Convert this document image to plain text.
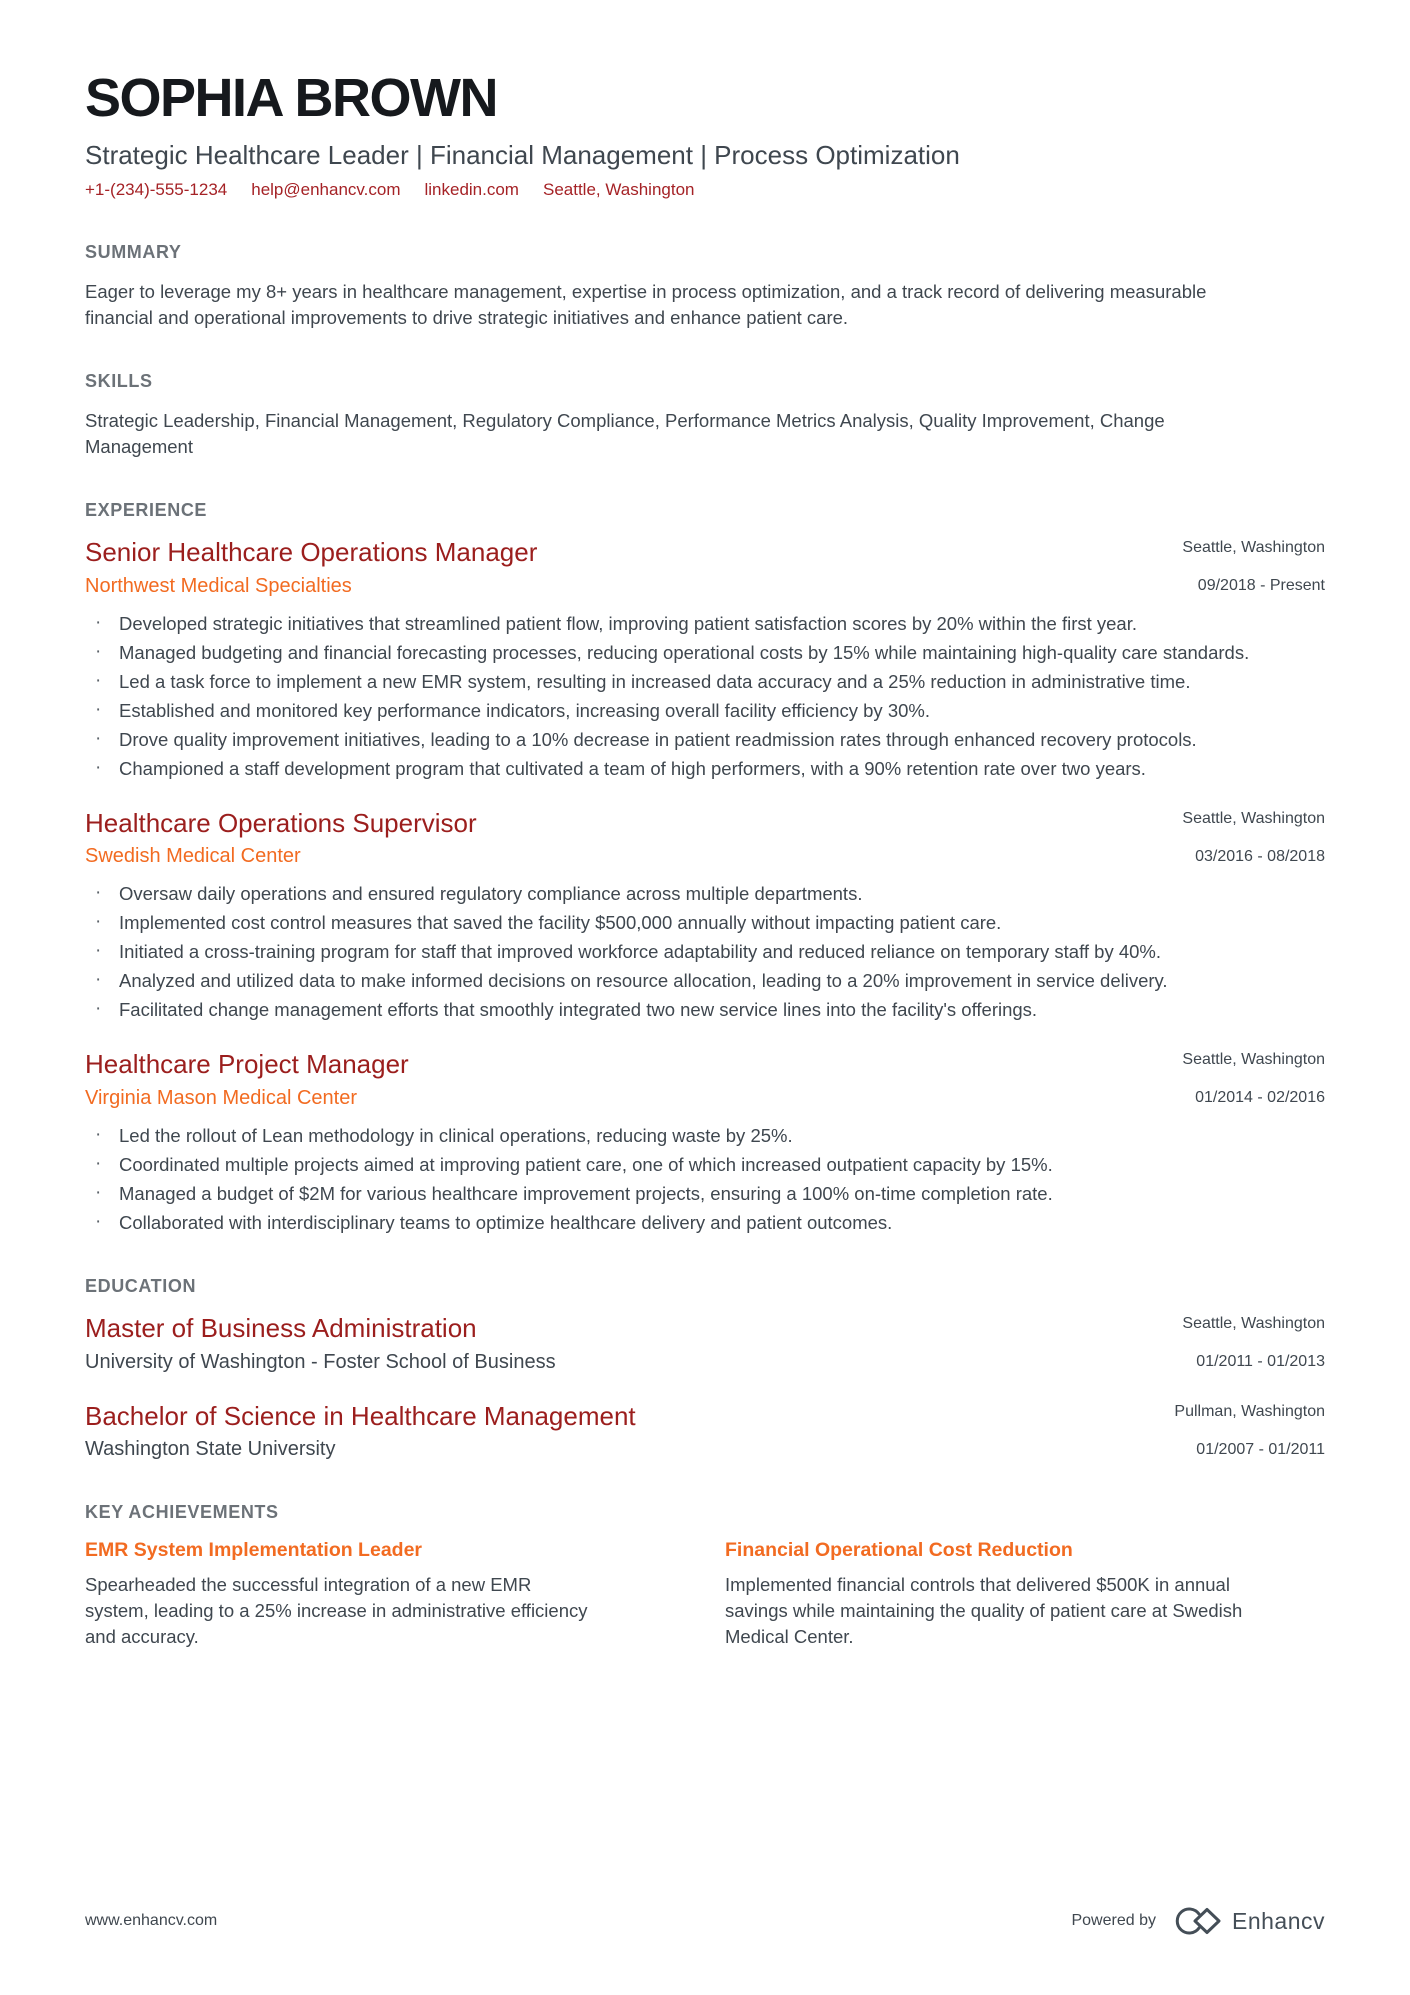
SOPHIA BROWN
Strategic Healthcare Leader | Financial Management | Process Optimization
+1-(234)-555-1234 help@enhancv.com linkedin.com Seattle, Washington
SUMMARY

Eager to leverage my 8+ years in healthcare management, expertise in process optimization, and a track record of delivering measurable financial and operational improvements to drive strategic initiatives and enhance patient care.

SKILLS

Strategic Leadership, Financial Management, Regulatory Compliance, Performance Metrics Analysis, Quality Improvement, Change Management

EXPERIENCE
Senior Healthcare Operations Manager
Northwest Medical Specialties
Seattle, Washington
09/2018 - Present
· Developed strategic initiatives that streamlined patient flow, improving patient satisfaction scores by 20% within the first year.
· Managed budgeting and financial forecasting processes, reducing operational costs by 15% while maintaining high-quality care standards.
· Led a task force to implement a new EMR system, resulting in increased data accuracy and a 25% reduction in administrative time.
· Established and monitored key performance indicators, increasing overall facility efficiency by 30%.
· Drove quality improvement initiatives, leading to a 10% decrease in patient readmission rates through enhanced recovery protocols.
· Championed a staff development program that cultivated a team of high performers, with a 90% retention rate over two years.
Healthcare Operations Supervisor
Swedish Medical Center
Seattle, Washington
03/2016 - 08/2018
· Oversaw daily operations and ensured regulatory compliance across multiple departments.
· Implemented cost control measures that saved the facility $500,000 annually without impacting patient care.
· Initiated a cross-training program for staff that improved workforce adaptability and reduced reliance on temporary staff by 40%.
· Analyzed and utilized data to make informed decisions on resource allocation, leading to a 20% improvement in service delivery.
· Facilitated change management efforts that smoothly integrated two new service lines into the facility's offerings.
Healthcare Project Manager
Virginia Mason Medical Center
Seattle, Washington
01/2014 - 02/2016
· Led the rollout of Lean methodology in clinical operations, reducing waste by 25%.
· Coordinated multiple projects aimed at improving patient care, one of which increased outpatient capacity by 15%.
· Managed a budget of $2M for various healthcare improvement projects, ensuring a 100% on-time completion rate.
· Collaborated with interdisciplinary teams to optimize healthcare delivery and patient outcomes.
EDUCATION
Master of Business Administration
University of Washington - Foster School of Business
Seattle, Washington
01/2011 - 01/2013
Bachelor of Science in Healthcare Management
Washington State University
Pullman, Washington
01/2007 - 01/2011
KEY ACHIEVEMENTS
EMR System Implementation Leader

Spearheaded the successful integration of a new EMR system, leading to a 25% increase in administrative efficiency and accuracy.

Financial Operational Cost Reduction

Implemented financial controls that delivered $500K in annual savings while maintaining the quality of patient care at Swedish Medical Center.

www.enhancv.com	Powered by	Enhancv
